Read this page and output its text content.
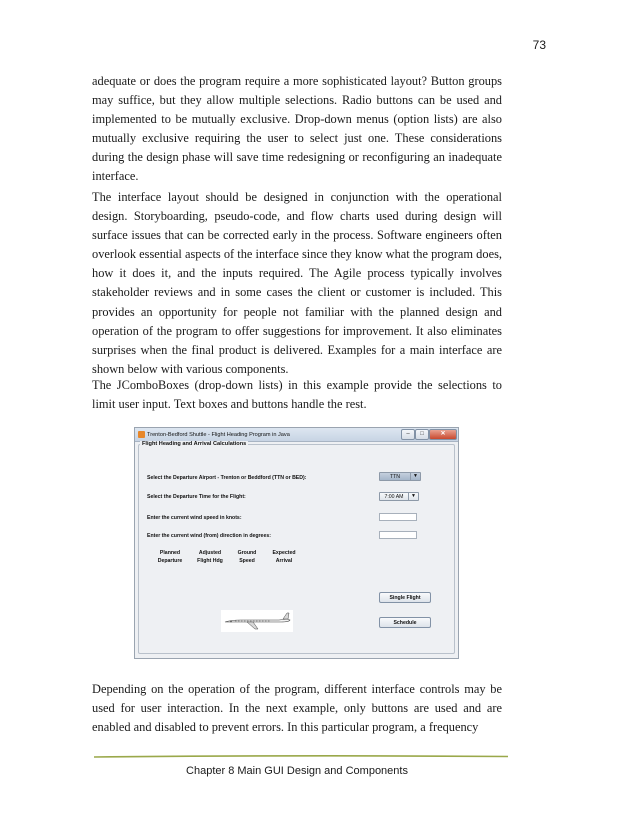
73

adequate or does the program require a more sophisticated layout? Button groups may suffice, but they allow multiple selections. Radio buttons can be used and implemented to be mutually exclusive. Drop-down menus (option lists) are also mutually exclusive requiring the user to select just one. These considerations during the design phase will save time redesigning or reconfiguring an inadequate interface.

The interface layout should be designed in conjunction with the operational design. Storyboarding, pseudo-code, and flow charts used during design will surface issues that can be corrected early in the process. Software engineers often overlook essential aspects of the interface since they know what the program does, how it does it, and the inputs required. The Agile process typically involves stakeholder reviews and in some cases the client or customer is included. This provides an opportunity for people not familiar with the planned design and operation of the program to offer suggestions for improvement. It also eliminates surprises when the final product is delivered. Examples for a main interface are shown below with various components.

The JComboBoxes (drop-down lists) in this example provide the selections to limit user input. Text boxes and buttons handle the rest.

Trenton-Bedford Shuttle - Flight Heading Program in Java	–	□	✕
Flight Heading and Arrival Calculations
Select the Departure Airport - Trenton or Beddford (TTN or BED):	TTN	▼
Select the Departure Time for the Flight:	7:00 AM	▼
Enter the current wind speed in knots:
Enter the current wind (from) direction in degrees:
Planned
Departure
Adjusted
Flight Hdg
Ground
Speed
Expected
Arrival
Single Flight
Schedule

Depending on the operation of the program, different interface controls may be used for user interaction. In the next example, only buttons are used and are enabled and disabled to prevent errors. In this particular program, a frequency

Chapter 8 Main GUI Design and Components
